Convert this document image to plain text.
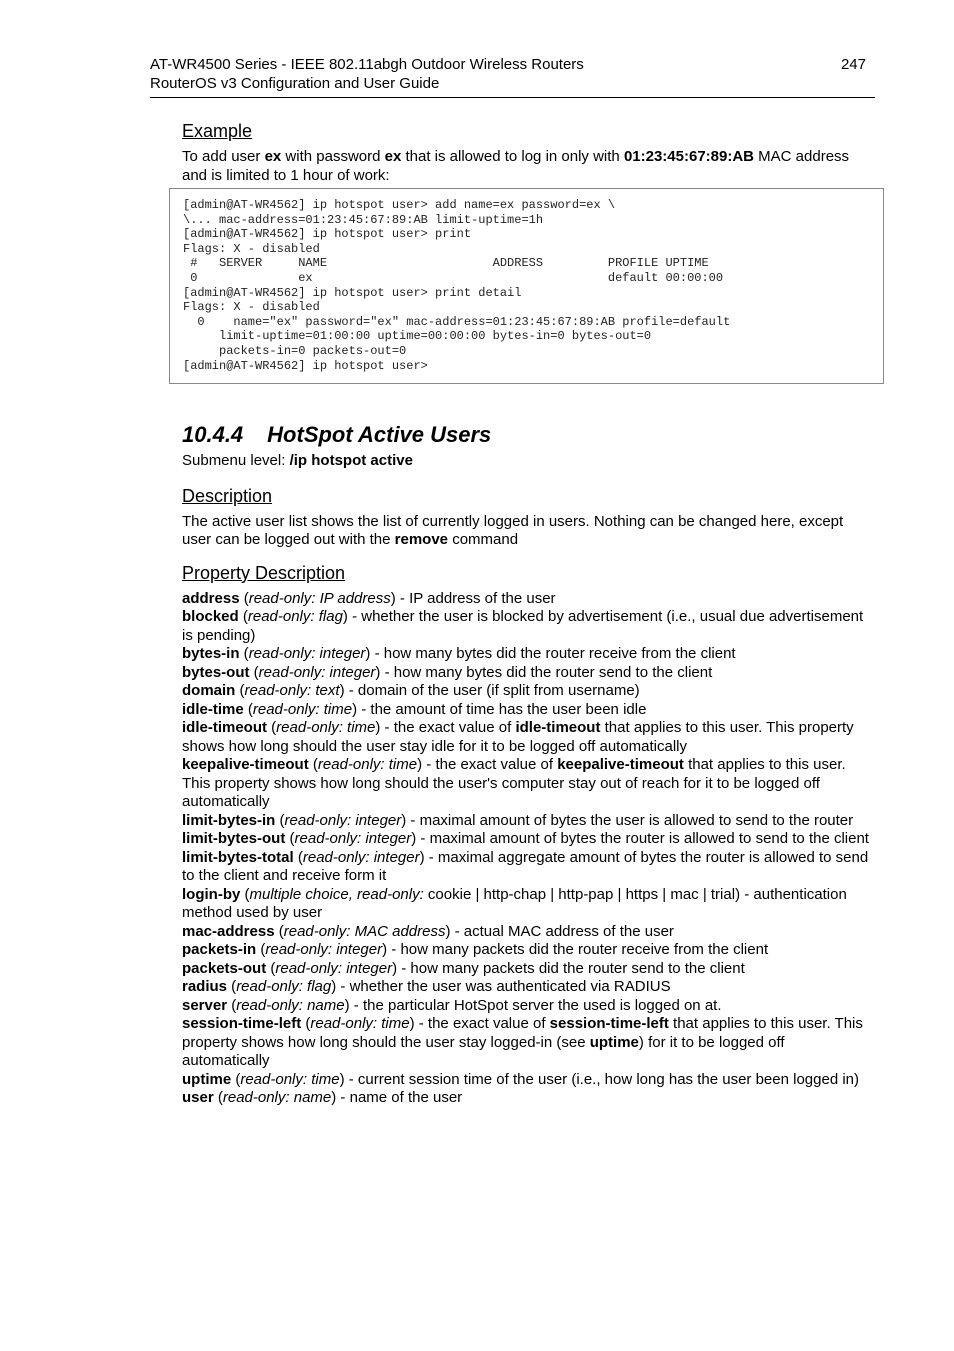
AT-WR4500 Series - IEEE 802.11abgh Outdoor Wireless Routers	247
RouterOS v3 Configuration and User Guide
Example

To add user ex with password ex that is allowed to log in only with 01:23:45:67:89:AB MAC address and is limited to 1 hour of work:

[admin@AT-WR4562] ip hotspot user> add name=ex password=ex \
\... mac-address=01:23:45:67:89:AB limit-uptime=1h
[admin@AT-WR4562] ip hotspot user> print
Flags: X - disabled
#   SERVER     NAME                       ADDRESS         PROFILE UPTIME
0              ex                                         default 00:00:00
[admin@AT-WR4562] ip hotspot user> print detail
Flags: X - disabled
0    name="ex" password="ex" mac-address=01:23:45:67:89:AB profile=default
limit-uptime=01:00:00 uptime=00:00:00 bytes-in=0 bytes-out=0
packets-in=0 packets-out=0
[admin@AT-WR4562] ip hotspot user>
10.4.4 HotSpot Active Users

Submenu level: /ip hotspot active

Description

The active user list shows the list of currently logged in users. Nothing can be changed here, except user can be logged out with the remove command

Property Description

address (read-only: IP address) - IP address of the user

blocked (read-only: flag) - whether the user is blocked by advertisement (i.e., usual due advertisement is pending)

bytes-in (read-only: integer) - how many bytes did the router receive from the client

bytes-out (read-only: integer) - how many bytes did the router send to the client

domain (read-only: text) - domain of the user (if split from username)

idle-time (read-only: time) - the amount of time has the user been idle

idle-timeout (read-only: time) - the exact value of idle-timeout that applies to this user. This property shows how long should the user stay idle for it to be logged off automatically

keepalive-timeout (read-only: time) - the exact value of keepalive-timeout that applies to this user. This property shows how long should the user's computer stay out of reach for it to be logged off automatically

limit-bytes-in (read-only: integer) - maximal amount of bytes the user is allowed to send to the router

limit-bytes-out (read-only: integer) - maximal amount of bytes the router is allowed to send to the client

limit-bytes-total (read-only: integer) - maximal aggregate amount of bytes the router is allowed to send to the client and receive form it

login-by (multiple choice, read-only: cookie | http-chap | http-pap | https | mac | trial) - authentication method used by user

mac-address (read-only: MAC address) - actual MAC address of the user

packets-in (read-only: integer) - how many packets did the router receive from the client

packets-out (read-only: integer) - how many packets did the router send to the client

radius (read-only: flag) - whether the user was authenticated via RADIUS

server (read-only: name) - the particular HotSpot server the used is logged on at.

session-time-left (read-only: time) - the exact value of session-time-left that applies to this user. This property shows how long should the user stay logged-in (see uptime) for it to be logged off automatically

uptime (read-only: time) - current session time of the user (i.e., how long has the user been logged in)

user (read-only: name) - name of the user
